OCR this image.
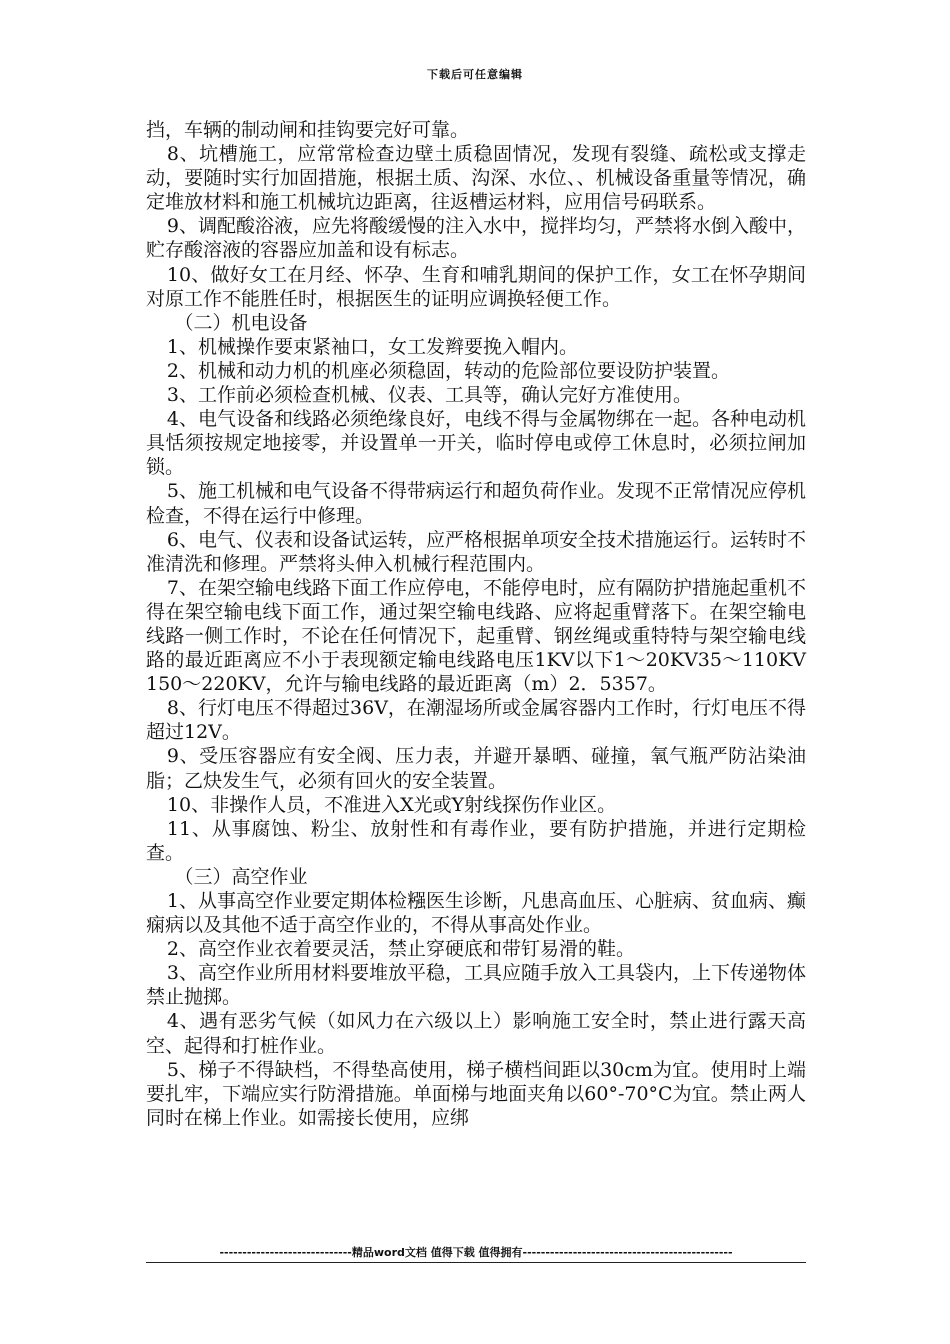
下载后可任意编辑

挡，车辆的制动闸和挂钩要完好可靠。

8、坑槽施工，应常常检查边壁土质稳固情况，发现有裂缝、疏松或支撑走动，要随时实行加固措施，根据土质、沟深、水位、、机械设备重量等情况，确定堆放材料和施工机械坑边距离，往返槽运材料，应用信号码联系。

9、调配酸浴液，应先将酸缓慢的注入水中，搅拌均匀，严禁将水倒入酸中，贮存酸溶液的容器应加盖和设有标志。

10、做好女工在月经、怀孕、生育和哺乳期间的保护工作，女工在怀孕期间对原工作不能胜任时，根据医生的证明应调换轻便工作。

（二）机电设备

1、机械操作要束紧袖口，女工发辫要挽入帽内。

2、机械和动力机的机座必须稳固，转动的危险部位要设防护装置。

3、工作前必须检查机械、仪表、工具等，确认完好方准使用。

4、电气设备和线路必须绝缘良好，电线不得与金属物绑在一起。各种电动机具恬须按规定地接零，并设置单一开关，临时停电或停工休息时，必须拉闸加锁。

5、施工机械和电气设备不得带病运行和超负荷作业。发现不正常情况应停机检查，不得在运行中修理。

6、电气、仪表和设备试运转，应严格根据单项安全技术措施运行。运转时不准清洗和修理。严禁将头伸入机械行程范围内。

7、在架空输电线路下面工作应停电，不能停电时，应有隔防护措施起重机不得在架空输电线下面工作，通过架空输电线路、应将起重臂落下。在架空输电线路一侧工作时，不论在任何情况下，起重臂、钢丝绳或重特特与架空输电线路的最近距离应不小于表现额定输电线路电压1KV以下1～20KV35～110KV150～220KV，允许与输电线路的最近距离（m）2．5357。

8、行灯电压不得超过36V，在潮湿场所或金属容器内工作时，行灯电压不得超过12V。

9、受压容器应有安全阀、压力表，并避开暴晒、碰撞，氧气瓶严防沾染油脂；乙炔发生气，必须有回火的安全装置。

10、非操作人员，不准进入X光或Y射线探伤作业区。

11、从事腐蚀、粉尘、放射性和有毒作业，要有防护措施，并进行定期检查。

（三）高空作业

1、从事高空作业要定期体检糨医生诊断，凡患高血压、心脏病、贫血病、癫痫病以及其他不适于高空作业的，不得从事高处作业。

2、高空作业衣着要灵活，禁止穿硬底和带钉易滑的鞋。

3、高空作业所用材料要堆放平稳，工具应随手放入工具袋内，上下传递物体禁止抛掷。

4、遇有恶劣气候（如风力在六级以上）影响施工安全时，禁止进行露天高空、起得和打桩作业。

5、梯子不得缺档，不得垫高使用，梯子横档间距以30cm为宜。使用时上端要扎牢，下端应实行防滑措施。单面梯与地面夹角以60°-70°C为宜。禁止两人同时在梯上作业。如需接长使用，应绑

-----------------------------精品word文档 值得下载 值得拥有----------------------------------------------
